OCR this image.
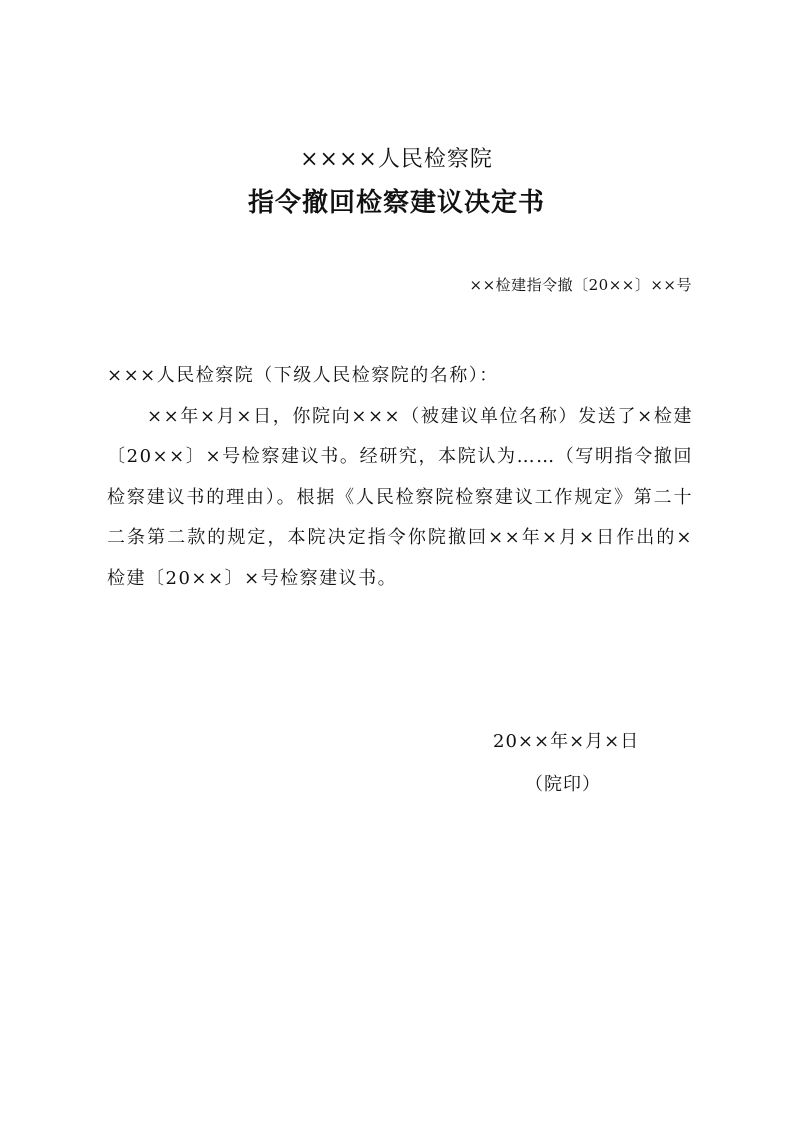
××××人民检察院
指令撤回检察建议决定书
××检建指令撤〔20××〕××号

×××人民检察院（下级人民检察院的名称）：

××年×月×日，你院向×××（被建议单位名称）发送了×检建〔20××〕×号检察建议书。经研究，本院认为……（写明指令撤回检察建议书的理由）。根据《人民检察院检察建议工作规定》第二十二条第二款的规定，本院决定指令你院撤回××年×月×日作出的×检建〔20××〕×号检察建议书。

20××年×月×日
（院印）
